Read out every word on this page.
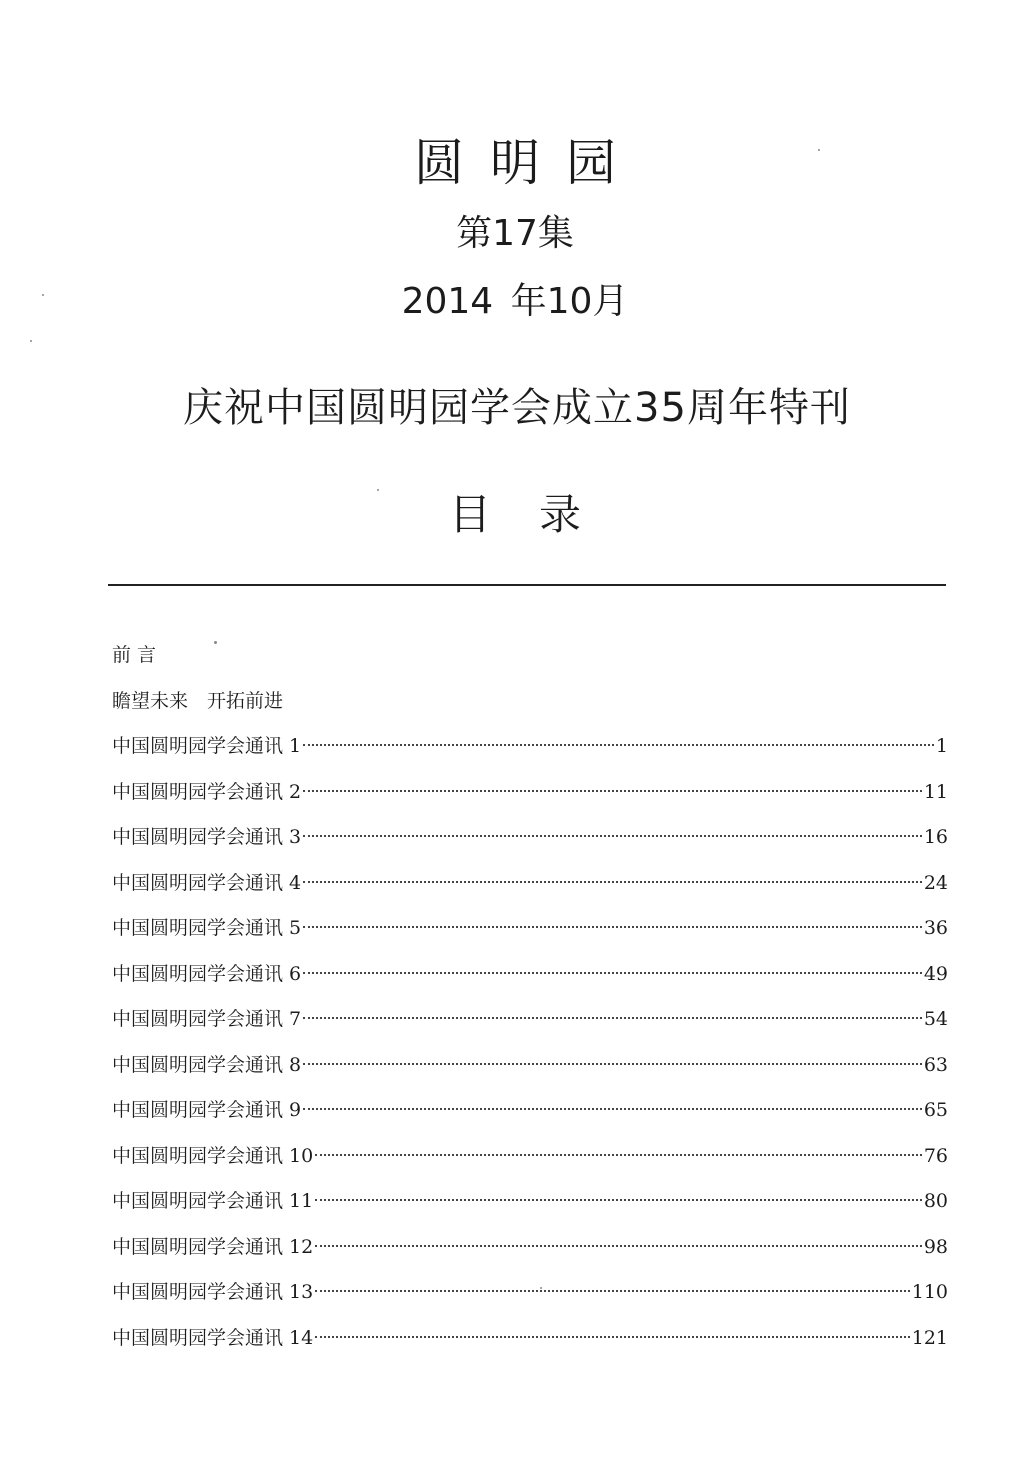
圆明园
第17集
2014 年10月
庆祝中国圆明园学会成立35周年特刊
目录
前 言
瞻望未来　开拓前进
中国圆明园学会通讯 1	1
中国圆明园学会通讯 2	11
中国圆明园学会通讯 3	16
中国圆明园学会通讯 4	24
中国圆明园学会通讯 5	36
中国圆明园学会通讯 6	49
中国圆明园学会通讯 7	54
中国圆明园学会通讯 8	63
中国圆明园学会通讯 9	65
中国圆明园学会通讯 10	76
中国圆明园学会通讯 11	80
中国圆明园学会通讯 12	98
中国圆明园学会通讯 13	110
中国圆明园学会通讯 14	121
